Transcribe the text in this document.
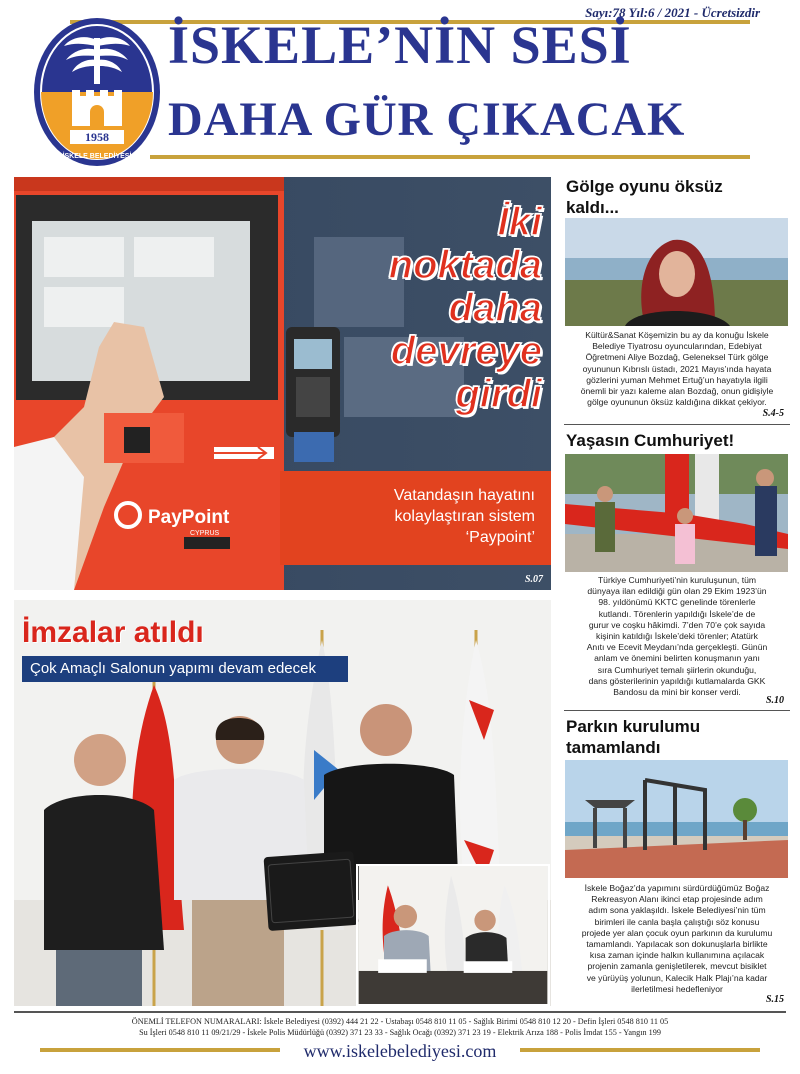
Sayı:78 Yıl:6 / 2021 - Ücretsizdir
1958
İSKELE BELEDİYESİ
İSKELE’NİN SESİ
DAHA GÜR ÇIKACAK
PayPoint
CYPRUS
İki
noktada
daha
devreye
girdi
Vatandaşın hayatını
kolaylaştıran sistem
‘Paypoint’
S.07
İmzalar atıldı
Çok Amaçlı Salonun yapımı devam edecek
Gölge oyunu öksüz
kaldı...
Kültür&Sanat Köşemizin bu ay da konuğu İskele
Belediye Tiyatrosu oyuncularından, Edebiyat
Öğretmeni Aliye Bozdağ, Geleneksel Türk gölge
oyununun Kıbrıslı üstadı, 2021 Mayıs’ında hayata
gözlerini yuman Mehmet Ertuğ’un hayatıyla ilgili
önemli bir yazı kaleme alan Bozdağ, onun gidişiyle
gölge oyununun öksüz kaldığına dikkat çekiyor.
S.4-5
Yaşasın Cumhuriyet!
Türkiye Cumhuriyeti’nin kuruluşunun, tüm
dünyaya ilan edildiği gün olan 29 Ekim 1923’ün
98. yıldönümü KKTC genelinde törenlerle
kutlandı. Törenlerin yapıldığı İskele’de de
gurur ve coşku hâkimdi. 7’den 70’e çok sayıda
kişinin katıldığı İskele’deki törenler; Atatürk
Anıtı ve Ecevit Meydanı’nda gerçekleşti. Günün
anlam ve önemini belirten konuşmanın yanı
sıra Cumhuriyet temalı şiirlerin okunduğu,
dans gösterilerinin yapıldığı kutlamalarda GKK
Bandosu da mini bir konser verdi.
S.10
Parkın kurulumu
tamamlandı
İskele Boğaz’da yapımını sürdürdüğümüz Boğaz
Rekreasyon Alanı ikinci etap projesinde adım
adım sona yaklaşıldı. İskele Belediyesi’nin tüm
birimleri ile canla başla çalıştığı söz konusu
projede yer alan çocuk oyun parkının da kurulumu
tamamlandı. Yapılacak son dokunuşlarla birlikte
kısa zaman içinde halkın kullanımına açılacak
projenin zamanla genişletilerek, mevcut bisiklet
ve yürüyüş yolunun, Kalecik Halk Plajı’na kadar
ilerletilmesi hedefleniyor
S.15
ÖNEMLİ TELEFON NUMARALARI: İskele Belediyesi (0392) 444 21 22 - Ustabaşı 0548 810 11 05 - Sağlık Birimi 0548 810 12 20 - Defin İşleri 0548 810 11 05
Su İşleri 0548 810 11 09/21/29 - İskele Polis Müdürlüğü (0392) 371 23 33 - Sağlık Ocağı (0392) 371 23 19 - Elektrik Arıza 188 - Polis İmdat 155 - Yangın 199
www.iskelebelediyesi.com
